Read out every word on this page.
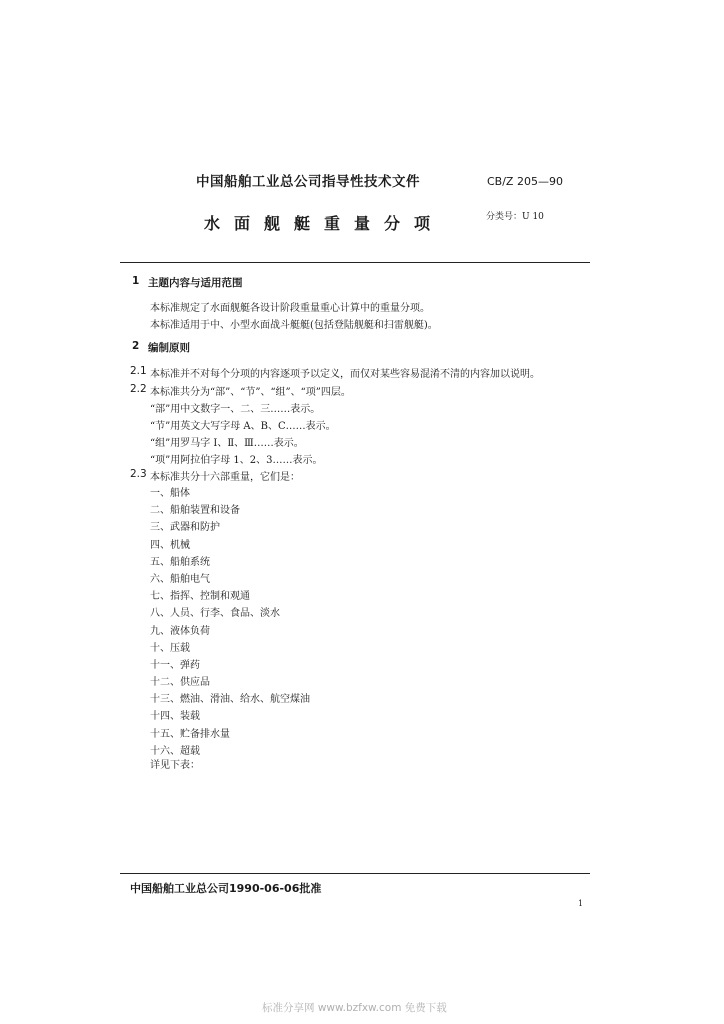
中国船舶工业总公司指导性技术文件	CB/Z 205—90
水面舰艇重量分项	分类号：U 10
1 主题内容与适用范围
本标准规定了水面舰艇各设计阶段重量重心计算中的重量分项。
本标准适用于中、小型水面战斗艇艇(包括登陆舰艇和扫雷舰艇)。
2 编制原则
2.1 本标准并不对每个分项的内容逐项予以定义，而仅对某些容易混淆不清的内容加以说明。
2.2 本标准共分为“部”、“节”、“组”、“项”四层。
“部”用中文数字一、二、三……表示。
“节”用英文大写字母 A、B、C……表示。
“组”用罗马字 Ⅰ、Ⅱ、Ⅲ……表示。
“项”用阿拉伯字母 1、2、3……表示。
2.3 本标准共分十六部重量，它们是：
一、船体
二、船舶装置和设备
三、武器和防护
四、机械
五、船舶系统
六、船舶电气
七、指挥、控制和观通
八、人员、行李、食品、淡水
九、液体负荷
十、压载
十一、弹药
十二、供应品
十三、燃油、滑油、给水、航空煤油
十四、装载
十五、贮备排水量
十六、超载
详见下表：
中国船舶工业总公司1990-06-06批准
1
标准分享网 www.bzfxw.com 免费下载
